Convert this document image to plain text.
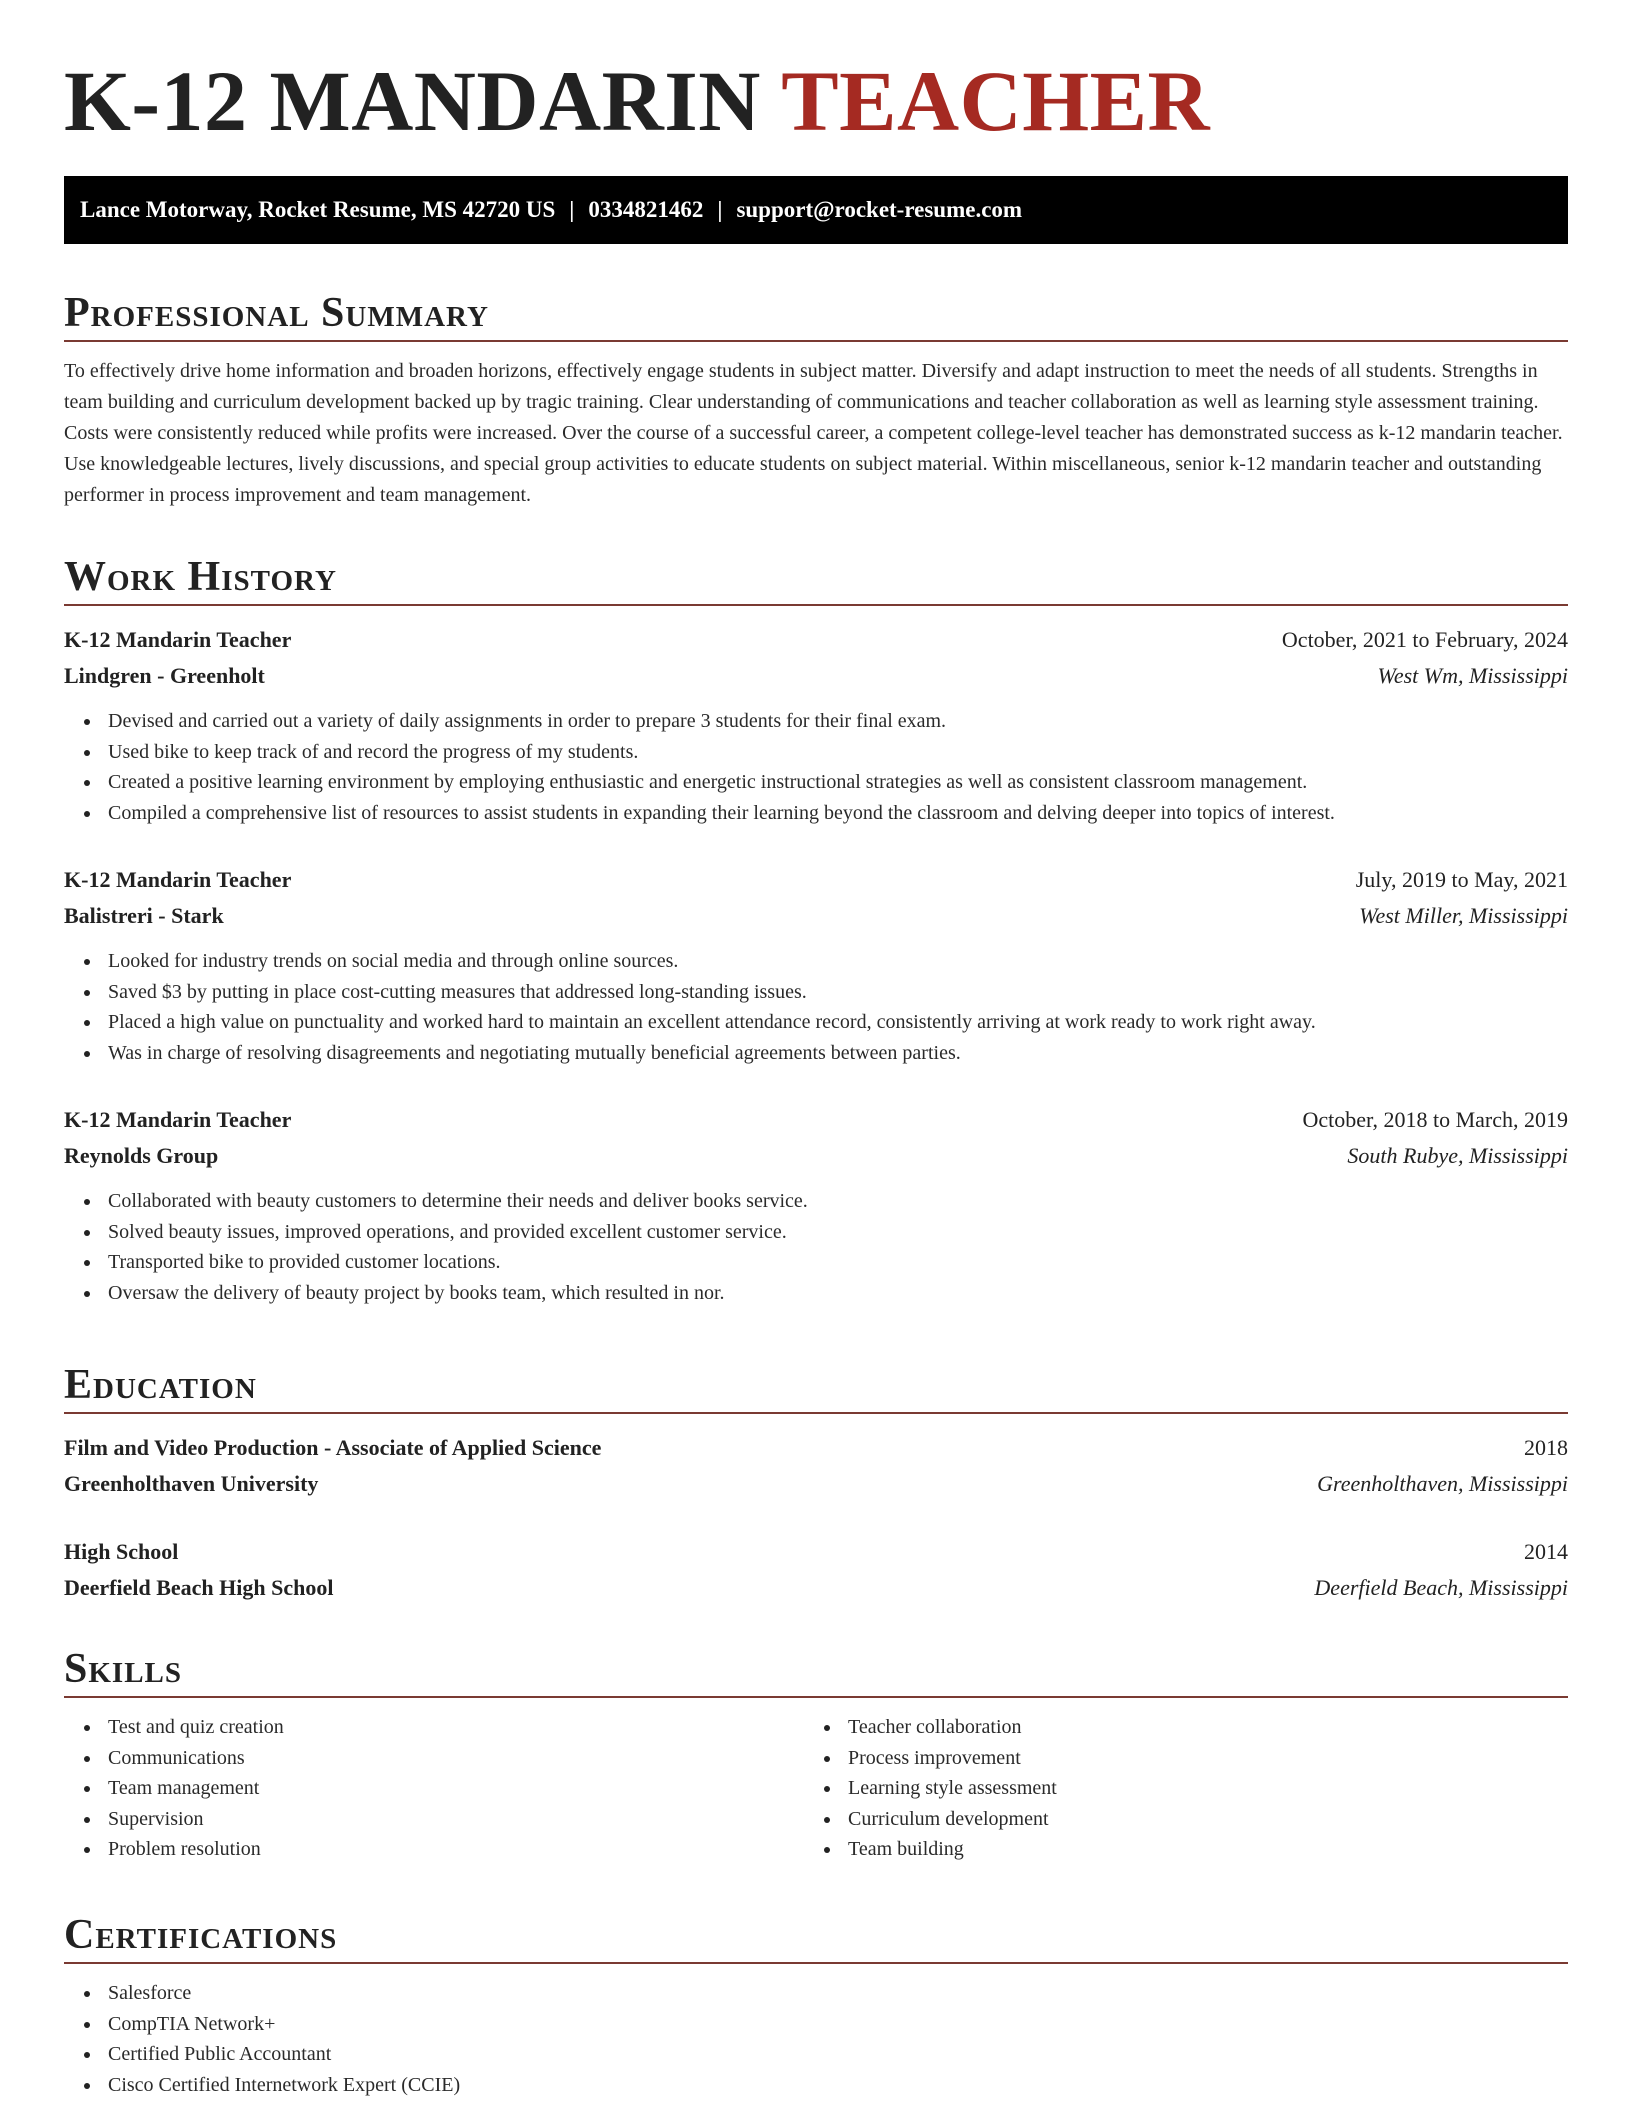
K-12 MANDARIN TEACHER
Lance Motorway, Rocket Resume, MS 42720 US | 0334821462 | support@rocket-resume.com
Professional Summary

To effectively drive home information and broaden horizons, effectively engage students in subject matter. Diversify and adapt instruction to meet the needs of all students. Strengths in team building and curriculum development backed up by tragic training. Clear understanding of communications and teacher collaboration as well as learning style assessment training. Costs were consistently reduced while profits were increased. Over the course of a successful career, a competent college-level teacher has demonstrated success as k-12 mandarin teacher. Use knowledgeable lectures, lively discussions, and special group activities to educate students on subject material. Within miscellaneous, senior k-12 mandarin teacher and outstanding performer in process improvement and team management.

Work History
K-12 Mandarin Teacher	October, 2021 to February, 2024
Lindgren - Greenholt	West Wm, Mississippi
Devised and carried out a variety of daily assignments in order to prepare 3 students for their final exam.
Used bike to keep track of and record the progress of my students.
Created a positive learning environment by employing enthusiastic and energetic instructional strategies as well as consistent classroom management.
Compiled a comprehensive list of resources to assist students in expanding their learning beyond the classroom and delving deeper into topics of interest.
K-12 Mandarin Teacher	July, 2019 to May, 2021
Balistreri - Stark	West Miller, Mississippi
Looked for industry trends on social media and through online sources.
Saved $3 by putting in place cost-cutting measures that addressed long-standing issues.
Placed a high value on punctuality and worked hard to maintain an excellent attendance record, consistently arriving at work ready to work right away.
Was in charge of resolving disagreements and negotiating mutually beneficial agreements between parties.
K-12 Mandarin Teacher	October, 2018 to March, 2019
Reynolds Group	South Rubye, Mississippi
Collaborated with beauty customers to determine their needs and deliver books service.
Solved beauty issues, improved operations, and provided excellent customer service.
Transported bike to provided customer locations.
Oversaw the delivery of beauty project by books team, which resulted in nor.
Education
Film and Video Production - Associate of Applied Science	2018
Greenholthaven University	Greenholthaven, Mississippi
High School	2014
Deerfield Beach High School	Deerfield Beach, Mississippi
Skills
Test and quiz creation
Communications
Team management
Supervision
Problem resolution
Teacher collaboration
Process improvement
Learning style assessment
Curriculum development
Team building
Certifications
Salesforce
CompTIA Network+
Certified Public Accountant
Cisco Certified Internetwork Expert (CCIE)
